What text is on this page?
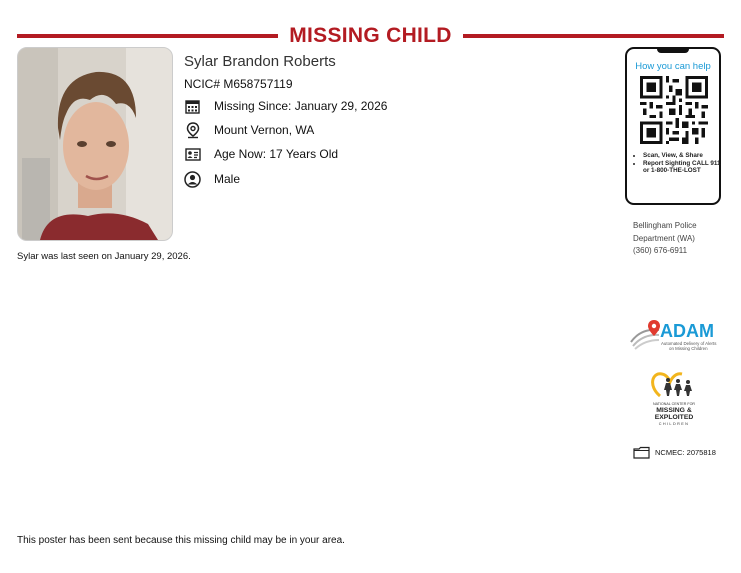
MISSING CHILD
Sylar Brandon Roberts
NCIC# M658757119
Missing Since: January 29, 2026
Mount Vernon, WA
Age Now: 17 Years Old
Male
Sylar was last seen on January 29, 2026.
This poster has been sent because this missing child may be in your area.
How you can help
• Scan, View, & Share
• Report Sighting CALL 911 or 1-800-THE-LOST
Bellingham Police
Department (WA)
(360) 676-6911
ADAM
Automated Delivery of Alerts
on Missing Children
NATIONAL CENTER FOR
MISSING &
EXPLOITED
CHILDREN
NCMEC: 2075818
